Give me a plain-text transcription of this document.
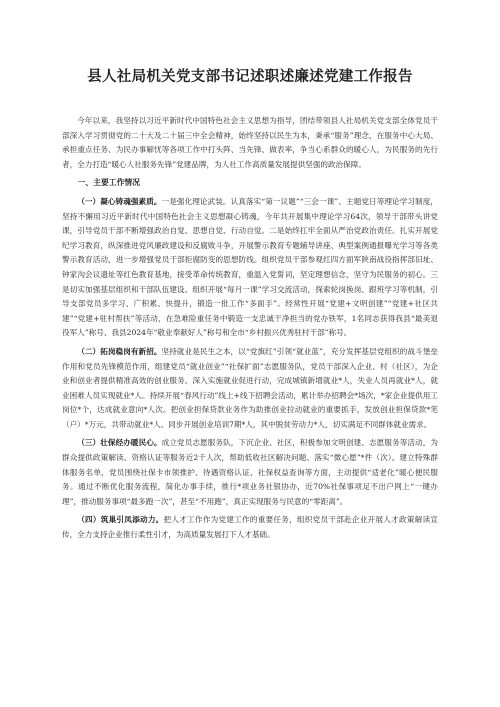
县人社局机关党支部书记述职述廉述党建工作报告

今年以来，我坚持以习近平新时代中国特色社会主义思想为指导，团结带领县人社局机关党支部全体党员干部深入学习贯彻党的二十大及二十届三中全会精神，始终坚持以民生为本，秉承“服务”理念，在服务中心大局、承担重点任务、为民办事解忧等各项工作中打头阵、当先锋、做表率，争当心系群众的暖心人，为民服务的先行者，全力打造“暖心人社服务先锋”党建品牌，为人社工作高质量发展提供坚强的政治保障。

一、主要工作情况

（一）凝心铸魂强素质。一是强化理论武装。认真落实“第一议题”“三会一课”、主题党日等理论学习制度，坚持不懈用习近平新时代中国特色社会主义思想凝心铸魂，今年共开展集中理论学习64次，领导干部带头讲党课，引导党员干部不断增强政治自觉、思想自觉、行动自觉。二是始终扛牢全面从严治党政治责任。扎实开展党纪学习教育，纵深推进党风廉政建设和反腐败斗争，开展警示教育专题辅导讲座、典型案例通报曝光学习等各类警示教育活动，进一步增强党员干部拒腐防变的思想防线。组织党员干部参观红四方面军陕南战役指挥部旧址、钟家沟会议遗址等红色教育基地，接受革命传统教育，重温入党誓词，坚定理想信念，坚守为民服务的初心。三是切实加强基层组织和干部队伍建设。组织开展“每月一课”学习交流活动，探索轮岗换岗、跟班学习等机制，引导支部党员多学习、广积累、快提升，锻造一批工作“多面手”。经常性开展“党建+文明创建”“党建+社区共建”“党建+驻村帮扶”等活动，在急难险重任务中锻造一支忠诚干净担当的党办铁军，1名同志获得我县“最美退役军人”称号、我县2024年“敬业奉献好人”称号和全市“乡村振兴优秀驻村干部”称号。

（二）拓岗稳岗有新招。坚持就业是民生之本，以“党旗红”引领“就业蓝”，充分发挥基层党组织的战斗堡垒作用和党员先锋模范作用，组建党员“就业创业”“社保扩面”志愿服务队，党员干部深入企业、村（社区），为企业和创业者提供精准高效的创业服务。深入实施就业促进行动，完成城镇新增就业*人，失业人员再就业*人，就业困难人员实现就业*人。持续开展“春风行动”线上+线下招聘会活动，累计举办招聘会*场次，*家企业提供用工岗位*个，达成就业意向*人次。把创业担保贷款业务作为助推创业拉动就业的重要抓手，发放创业担保贷款*笔（户）*万元，共带动就业*人。同步开展创业培训7期*人，其中脱贫劳动力*人，切实满足不同群体就业需求。

（三）壮保经办暖民心。成立党员志愿服务队，下沉企业、社区，积极参加文明创建、志愿服务等活动，为群众提供政策解读、资格认证等服务近2千人次，帮助低收社区解决问题、落实“微心愿”*件（次）。建立特殊群体服务名单，党员围绕社保卡市领推护、待遇资格认证、社保权益查询等方面，主动提供“适老化”暖心便民服务。通过不断优化服务流程，简化办事手续，推行*项业务社银协办，近70%社保事项足不出户网上“一键办理”，推动服务事项“最多跑一次”，甚至“不用跑”，真正实现服务与民意的“零距离”。

（四）筑巢引凤添动力。把人才工作作为党建工作的重要任务，组织党员干部赴企业开展人才政策解读宣传，全力支持企业推行柔性引才，为高质量发展打下人才基础。
